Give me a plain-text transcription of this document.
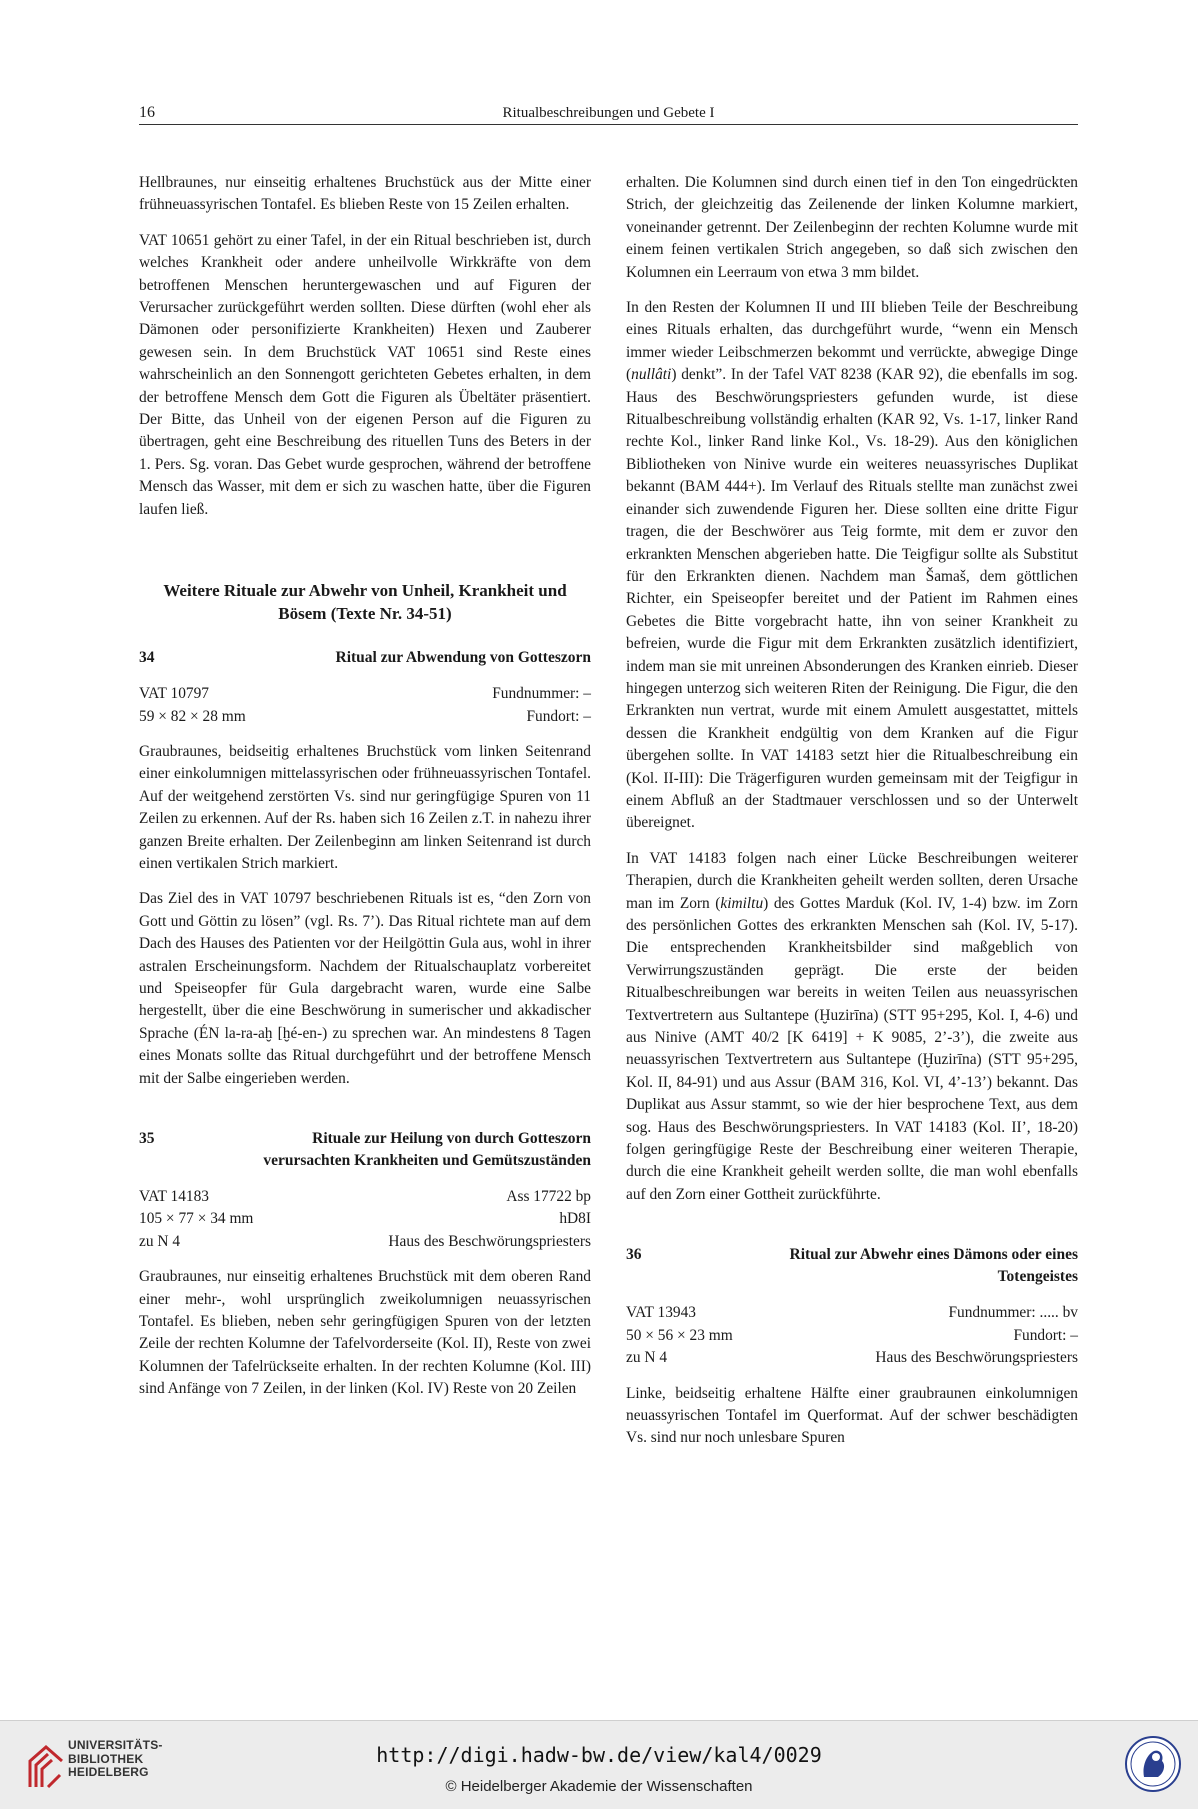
16	Ritualbeschreibungen und Gebete I

Hellbraunes, nur einseitig erhaltenes Bruchstück aus der Mitte einer frühneuassyrischen Tontafel. Es blieben Reste von 15 Zeilen erhalten.

VAT 10651 gehört zu einer Tafel, in der ein Ritual beschrieben ist, durch welches Krankheit oder andere unheilvolle Wirkkräfte von dem betroffenen Menschen heruntergewaschen und auf Figuren der Verursacher zurückgeführt werden sollten. Diese dürften (wohl eher als Dämonen oder personifizierte Krankheiten) Hexen und Zauberer gewesen sein. In dem Bruchstück VAT 10651 sind Reste eines wahrscheinlich an den Sonnengott gerichteten Gebetes erhalten, in dem der betroffene Mensch dem Gott die Figuren als Übeltäter präsentiert. Der Bitte, das Unheil von der eigenen Person auf die Figuren zu übertragen, geht eine Beschreibung des rituellen Tuns des Beters in der 1. Pers. Sg. voran. Das Gebet wurde gesprochen, während der betroffene Mensch das Wasser, mit dem er sich zu waschen hatte, über die Figuren laufen ließ.

Weitere Rituale zur Abwehr von Unheil, Krankheit und Bösem (Texte Nr. 34-51)
34	Ritual zur Abwendung von Gotteszorn
VAT 10797	Fundnummer: –
59 × 82 × 28 mm	Fundort: –

Graubraunes, beidseitig erhaltenes Bruchstück vom linken Seitenrand einer einkolumnigen mittelassyrischen oder frühneuassyrischen Tontafel. Auf der weitgehend zerstörten Vs. sind nur geringfügige Spuren von 11 Zeilen zu erkennen. Auf der Rs. haben sich 16 Zeilen z.T. in nahezu ihrer ganzen Breite erhalten. Der Zeilenbeginn am linken Seitenrand ist durch einen vertikalen Strich markiert.

Das Ziel des in VAT 10797 beschriebenen Rituals ist es, “den Zorn von Gott und Göttin zu lösen” (vgl. Rs. 7’). Das Ritual richtete man auf dem Dach des Hauses des Patienten vor der Heilgöttin Gula aus, wohl in ihrer astralen Erscheinungsform. Nachdem der Ritualschauplatz vorbereitet und Speiseopfer für Gula dargebracht waren, wurde eine Salbe hergestellt, über die eine Beschwörung in sumerischer und akkadischer Sprache (ÉN la-ra-aḫ [ḫé-en-) zu sprechen war. An mindestens 8 Tagen eines Monats sollte das Ritual durchgeführt und der betroffene Mensch mit der Salbe eingerieben werden.

35	Rituale zur Heilung von durch Gotteszorn verursachten Krankheiten und Gemütszuständen
VAT 14183	Ass 17722 bp
105 × 77 × 34 mm	hD8I
zu N 4	Haus des Beschwörungspriesters

Graubraunes, nur einseitig erhaltenes Bruchstück mit dem oberen Rand einer mehr-, wohl ursprünglich zweikolumnigen neuassyrischen Tontafel. Es blieben, neben sehr geringfügigen Spuren von der letzten Zeile der rechten Kolumne der Tafelvorderseite (Kol. II), Reste von zwei Kolumnen der Tafelrückseite erhalten. In der rechten Kolumne (Kol. III) sind Anfänge von 7 Zeilen, in der linken (Kol. IV) Reste von 20 Zeilen

erhalten. Die Kolumnen sind durch einen tief in den Ton eingedrückten Strich, der gleichzeitig das Zeilenende der linken Kolumne markiert, voneinander getrennt. Der Zeilenbeginn der rechten Kolumne wurde mit einem feinen vertikalen Strich angegeben, so daß sich zwischen den Kolumnen ein Leerraum von etwa 3 mm bildet.

In den Resten der Kolumnen II und III blieben Teile der Beschreibung eines Rituals erhalten, das durchgeführt wurde, “wenn ein Mensch immer wieder Leibschmerzen bekommt und verrückte, abwegige Dinge (nullâti) denkt”. In der Tafel VAT 8238 (KAR 92), die ebenfalls im sog. Haus des Beschwörungspriesters gefunden wurde, ist diese Ritualbeschreibung vollständig erhalten (KAR 92, Vs. 1-17, linker Rand rechte Kol., linker Rand linke Kol., Vs. 18-29). Aus den königlichen Bibliotheken von Ninive wurde ein weiteres neuassyrisches Duplikat bekannt (BAM 444+). Im Verlauf des Rituals stellte man zunächst zwei einander sich zuwendende Figuren her. Diese sollten eine dritte Figur tragen, die der Beschwörer aus Teig formte, mit dem er zuvor den erkrankten Menschen abgerieben hatte. Die Teigfigur sollte als Substitut für den Erkrankten dienen. Nachdem man Šamaš, dem göttlichen Richter, ein Speiseopfer bereitet und der Patient im Rahmen eines Gebetes die Bitte vorgebracht hatte, ihn von seiner Krankheit zu befreien, wurde die Figur mit dem Erkrankten zusätzlich identifiziert, indem man sie mit unreinen Absonderungen des Kranken einrieb. Dieser hingegen unterzog sich weiteren Riten der Reinigung. Die Figur, die den Erkrankten nun vertrat, wurde mit einem Amulett ausgestattet, mittels dessen die Krankheit endgültig von dem Kranken auf die Figur übergehen sollte. In VAT 14183 setzt hier die Ritualbeschreibung ein (Kol. II-III): Die Trägerfiguren wurden gemeinsam mit der Teigfigur in einem Abfluß an der Stadtmauer verschlossen und so der Unterwelt übereignet.

In VAT 14183 folgen nach einer Lücke Beschreibungen weiterer Therapien, durch die Krankheiten geheilt werden sollten, deren Ursache man im Zorn (kimiltu) des Gottes Marduk (Kol. IV, 1-4) bzw. im Zorn des persönlichen Gottes des erkrankten Menschen sah (Kol. IV, 5-17). Die entsprechenden Krankheitsbilder sind maßgeblich von Verwirrungszuständen geprägt. Die erste der beiden Ritualbeschreibungen war bereits in weiten Teilen aus neuassyrischen Textvertretern aus Sultantepe (Ḫuzirīna) (STT 95+295, Kol. I, 4-6) und aus Ninive (AMT 40/2 [K 6419] + K 9085, 2’-3’), die zweite aus neuassyrischen Textvertretern aus Sultantepe (Ḫuzirīna) (STT 95+295, Kol. II, 84-91) und aus Assur (BAM 316, Kol. VI, 4’-13’) bekannt. Das Duplikat aus Assur stammt, so wie der hier besprochene Text, aus dem sog. Haus des Beschwörungspriesters. In VAT 14183 (Kol. II’, 18-20) folgen geringfügige Reste der Beschreibung einer weiteren Therapie, durch die eine Krankheit geheilt werden sollte, die man wohl ebenfalls auf den Zorn einer Gottheit zurückführte.

36	Ritual zur Abwehr eines Dämons oder eines Totengeistes
VAT 13943	Fundnummer: ..... bv
50 × 56 × 23 mm	Fundort: –
zu N 4	Haus des Beschwörungspriesters

Linke, beidseitig erhaltene Hälfte einer graubraunen einkolumnigen neuassyrischen Tontafel im Querformat. Auf der schwer beschädigten Vs. sind nur noch unlesbare Spuren

UNIVERSITÄTS-
BIBLIOTHEK
HEIDELBERG
http://digi.hadw-bw.de/view/kal4/0029
© Heidelberger Akademie der Wissenschaften
